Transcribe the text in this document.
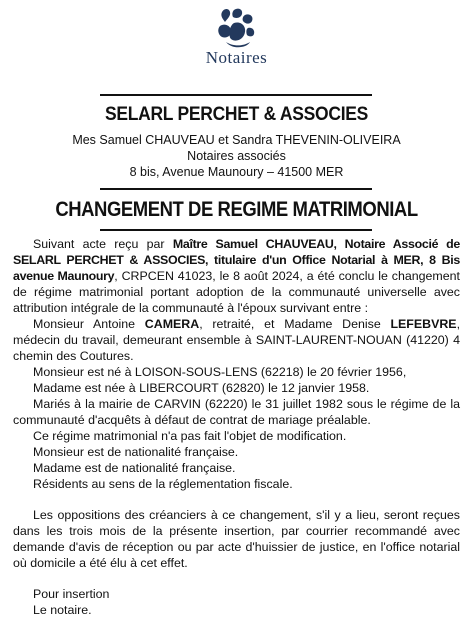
Notaires
SELARL PERCHET & ASSOCIES
Mes Samuel CHAUVEAU et Sandra THEVENIN-OLIVEIRA
Notaires associés
8 bis, Avenue Maunoury – 41500 MER
CHANGEMENT DE REGIME MATRIMONIAL

Suivant acte reçu par Maître Samuel CHAUVEAU, Notaire Associé de SELARL PERCHET & ASSOCIES, titulaire d'un Office Notarial à MER, 8 Bis avenue Maunoury, CRPCEN 41023, le 8 août 2024, a été conclu le changement de régime matrimonial portant adoption de la communauté universelle avec attribution intégrale de la communauté à l'époux survivant entre :

Monsieur Antoine CAMERA, retraité, et Madame Denise LEFEBVRE, médecin du travail, demeurant ensemble à SAINT-LAURENT-NOUAN (41220) 4 chemin des Coutures.

Monsieur est né à LOISON-SOUS-LENS (62218) le 20 février 1956,

Madame est née à LIBERCOURT (62820) le 12 janvier 1958.

Mariés à la mairie de CARVIN (62220) le 31 juillet 1982 sous le régime de la communauté d'acquêts à défaut de contrat de mariage préalable.

Ce régime matrimonial n'a pas fait l'objet de modification.

Monsieur est de nationalité française.

Madame est de nationalité française.

Résidents au sens de la réglementation fiscale.

Les oppositions des créanciers à ce changement, s'il y a lieu, seront reçues dans les trois mois de la présente insertion, par courrier recommandé avec demande d'avis de réception ou par acte d'huissier de justice, en l'office notarial où domicile a été élu à cet effet.

Pour insertion

Le notaire.
